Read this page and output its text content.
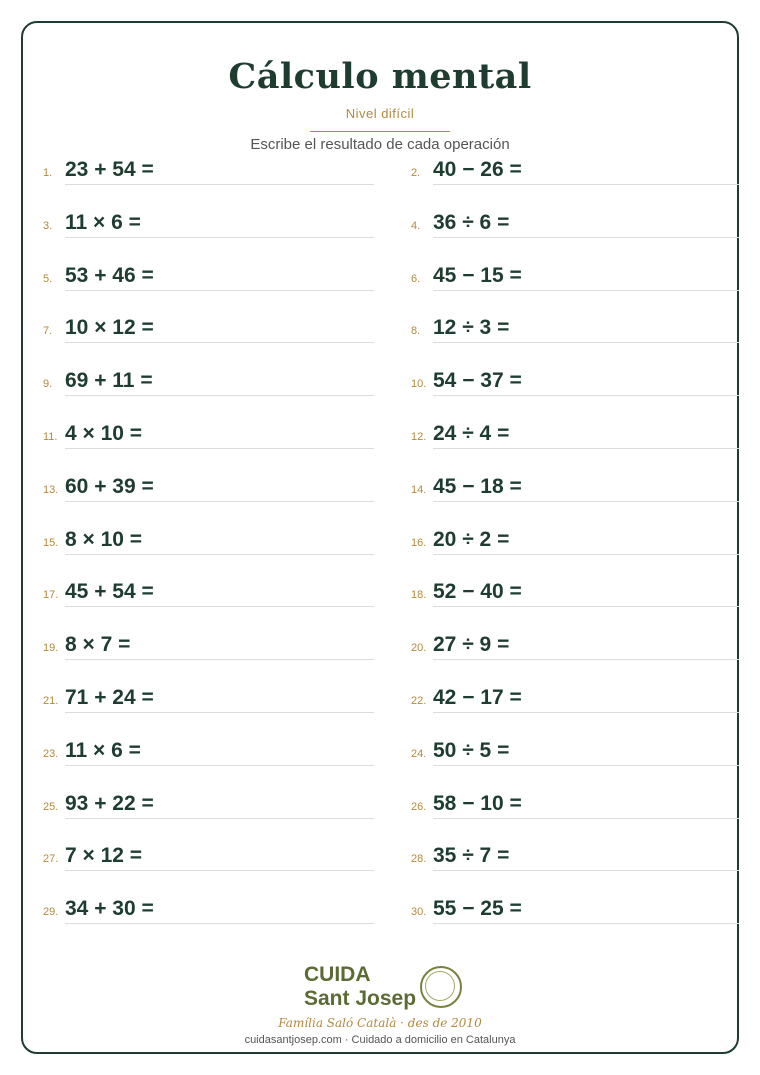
Cálculo mental
Nivel difícil
Escribe el resultado de cada operación
1. 23 + 54 =	2. 40 − 26 =
3. 11 × 6 =	4. 36 ÷ 6 =
5. 53 + 46 =	6. 45 − 15 =
7. 10 × 12 =	8. 12 ÷ 3 =
9. 69 + 11 =	10. 54 − 37 =
11. 4 × 10 =	12. 24 ÷ 4 =
13. 60 + 39 =	14. 45 − 18 =
15. 8 × 10 =	16. 20 ÷ 2 =
17. 45 + 54 =	18. 52 − 40 =
19. 8 × 7 =	20. 27 ÷ 9 =
21. 71 + 24 =	22. 42 − 17 =
23. 11 × 6 =	24. 50 ÷ 5 =
25. 93 + 22 =	26. 58 − 10 =
27. 7 × 12 =	28. 35 ÷ 7 =
29. 34 + 30 =	30. 55 − 25 =
CUIDA
Sant Josep
Família Saló Català · des de 2010
cuidasantjosep.com · Cuidado a domicilio en Catalunya
